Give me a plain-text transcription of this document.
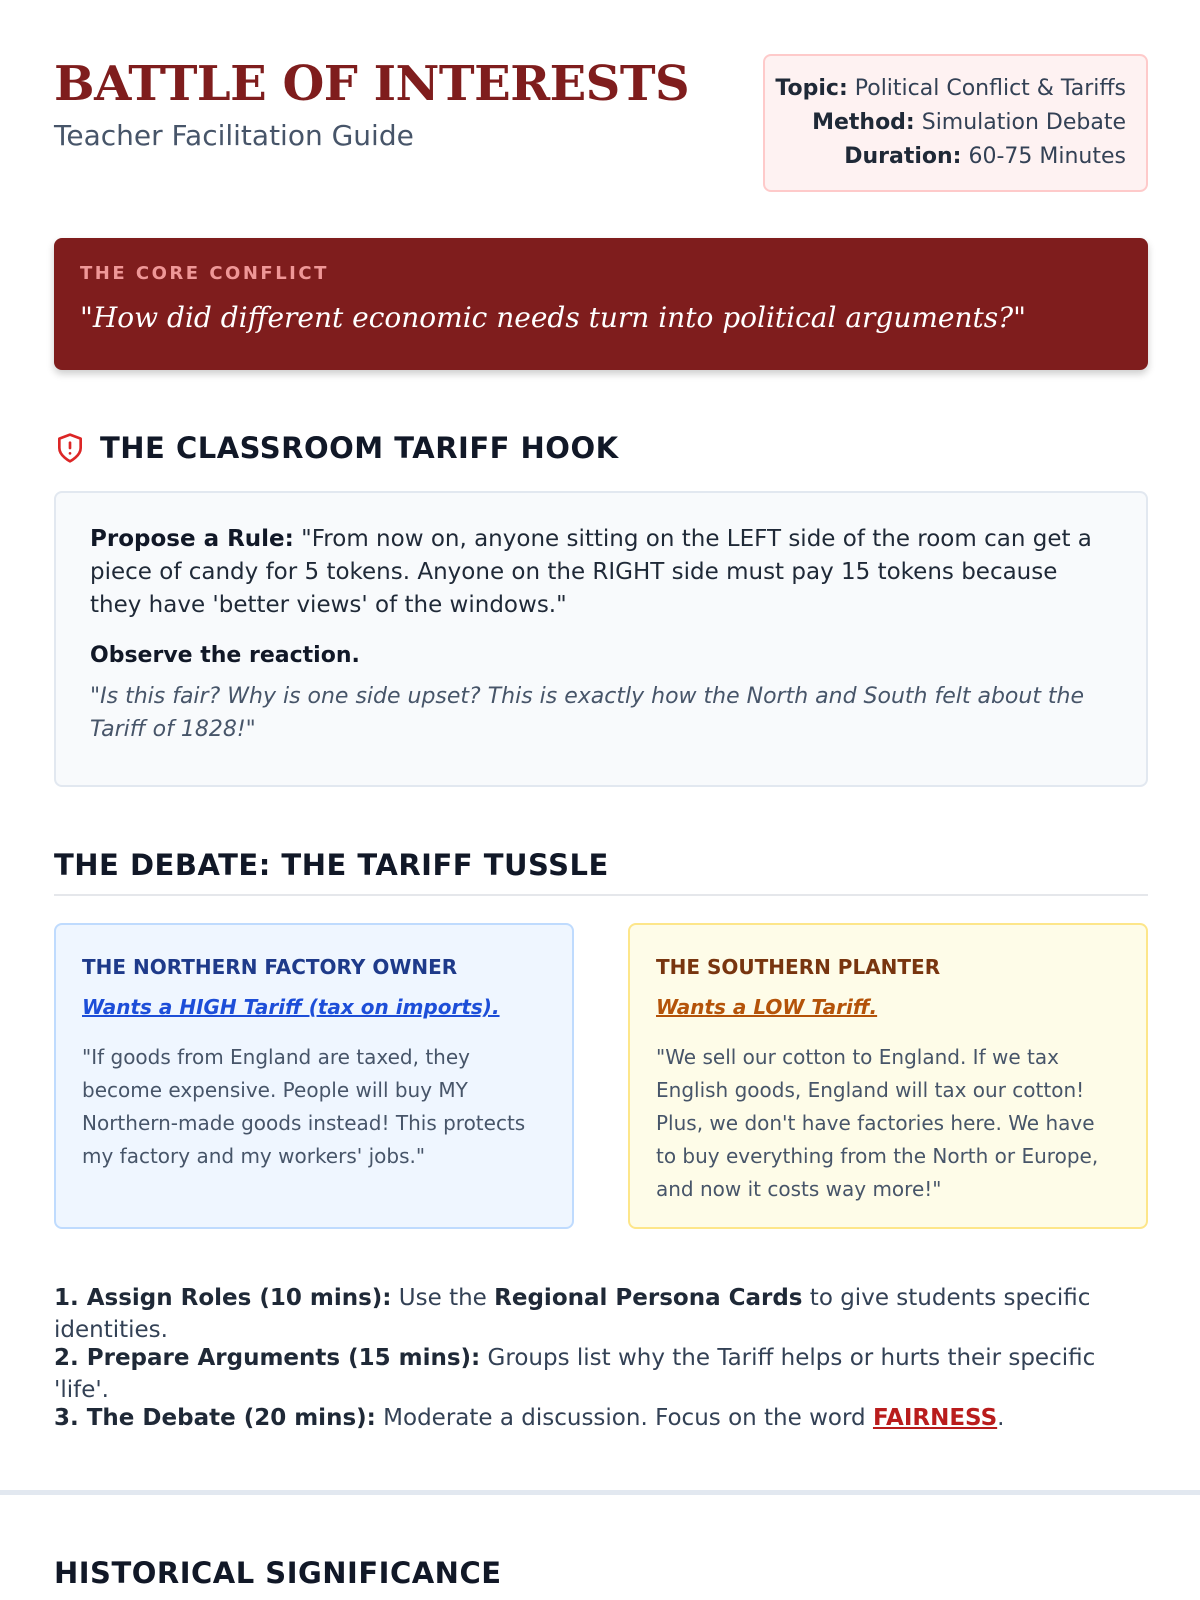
BATTLE OF INTERESTS
Teacher Facilitation Guide
Topic: Political Conflict & Tariffs
Method: Simulation Debate
Duration: 60-75 Minutes
THE CORE CONFLICT
"How did different economic needs turn into political arguments?"
THE CLASSROOM TARIFF HOOK

Propose a Rule: "From now on, anyone sitting on the LEFT side of the room can get a piece of candy for 5 tokens. Anyone on the RIGHT side must pay 15 tokens because they have 'better views' of the windows."

Observe the reaction.
"Is this fair? Why is one side upset? This is exactly how the North and South felt about the Tariff of 1828!"
THE DEBATE: THE TARIFF TUSSLE
THE NORTHERN FACTORY OWNER
Wants a HIGH Tariff (tax on imports).
"If goods from England are taxed, they become expensive. People will buy MY Northern-made goods instead! This protects my factory and my workers' jobs."
THE SOUTHERN PLANTER
Wants a LOW Tariff.
"We sell our cotton to England. If we tax English goods, England will tax our cotton! Plus, we don't have factories here. We have to buy everything from the North or Europe, and now it costs way more!"
1. Assign Roles (10 mins): Use the Regional Persona Cards to give students specific identities.
2. Prepare Arguments (15 mins): Groups list why the Tariff helps or hurts their specific 'life'.
3. The Debate (20 mins): Moderate a discussion. Focus on the word FAIRNESS.
HISTORICAL SIGNIFICANCE
